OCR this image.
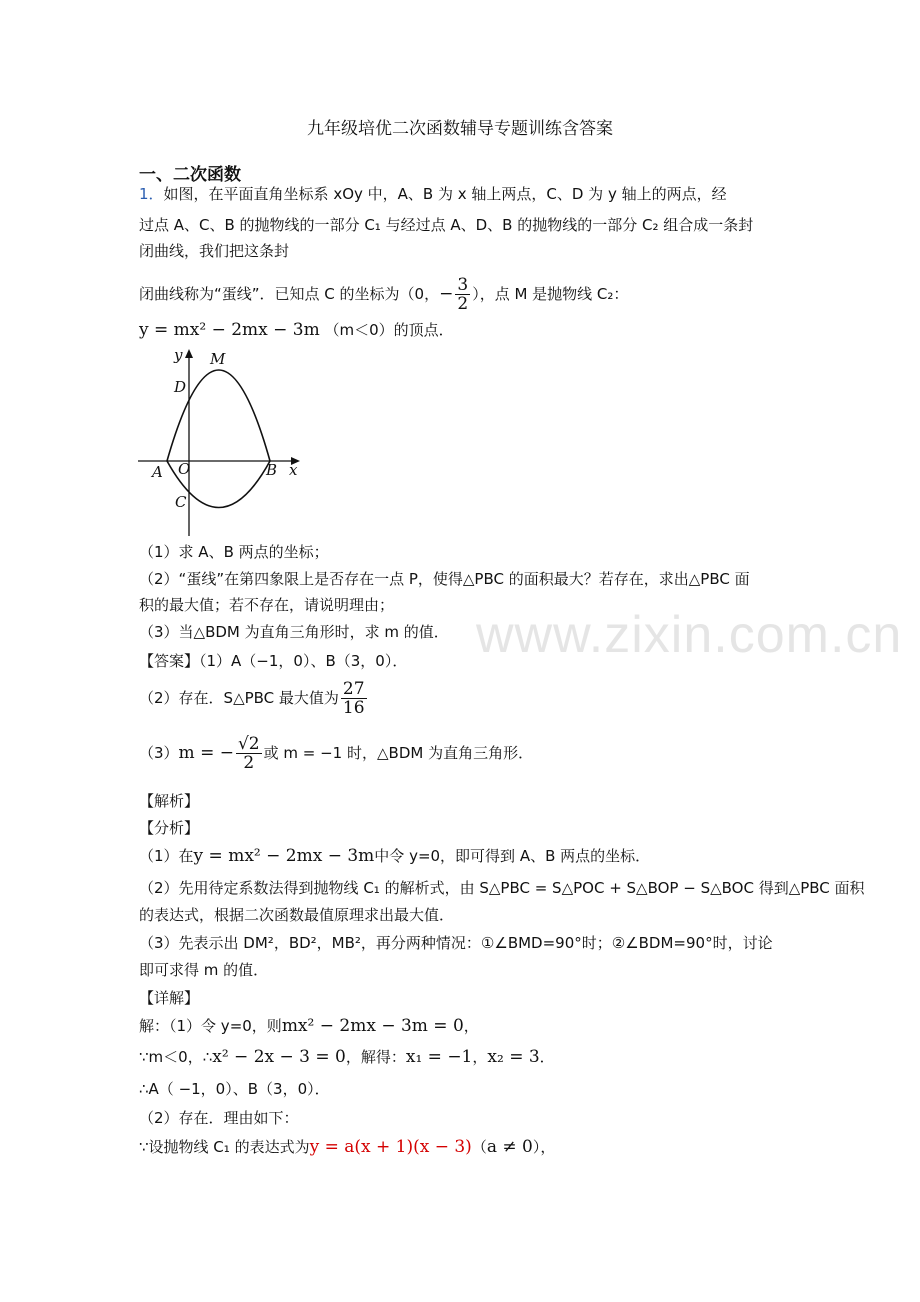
九年级培优二次函数辅导专题训练含答案
一、二次函数
1．如图，在平面直角坐标系 xOy 中，A、B 为 x 轴上两点，C、D 为 y 轴上的两点，经
过点 A、C、B 的抛物线的一部分 C₁ 与经过点 A、D、B 的抛物线的一部分 C₂ 组合成一条封
闭曲线，我们把这条封
闭曲线称为“蛋线”．已知点 C 的坐标为（0，− $\frac{3}{2}$ ），点 M 是抛物线 C₂：
y = mx² − 2mx − 3m （m＜0）的顶点．
y M
D
A O	B x
C
（1）求 A、B 两点的坐标；
（2）“蛋线”在第四象限上是否存在一点 P，使得△PBC 的面积最大？若存在，求出△PBC 面
积的最大值；若不存在，请说明理由；
（3）当△BDM 为直角三角形时，求 m 的值．
【答案】（1）A（−1，0）、B（3，0）．
（2）存在．S△PBC 最大值为 $\frac{27}{16}$
（3）m = − $\frac{√2}{2}$ 或 m = −1 时，△BDM 为直角三角形．
【解析】
【分析】
（1）在y = mx² − 2mx − 3m中令 y=0，即可得到 A、B 两点的坐标．
（2）先用待定系数法得到抛物线 C₁ 的解析式，由 S△PBC = S△POC + S△BOP − S△BOC 得到△PBC 面积
的表达式，根据二次函数最值原理求出最大值．
（3）先表示出 DM²，BD²，MB²，再分两种情况：①∠BMD=90°时；②∠BDM=90°时，讨论
即可求得 m 的值．
【详解】
解：（1）令 y=0，则mx² − 2mx − 3m = 0，
∵m＜0，∴x² − 2x − 3 = 0，解得：x₁ = −1，x₂ = 3．
∴A（ −1，0）、B（3，0）．
（2）存在．理由如下：
∵设抛物线 C₁ 的表达式为y = a(x + 1)(x − 3)（a ≠ 0），
www.zixin.com.cn
